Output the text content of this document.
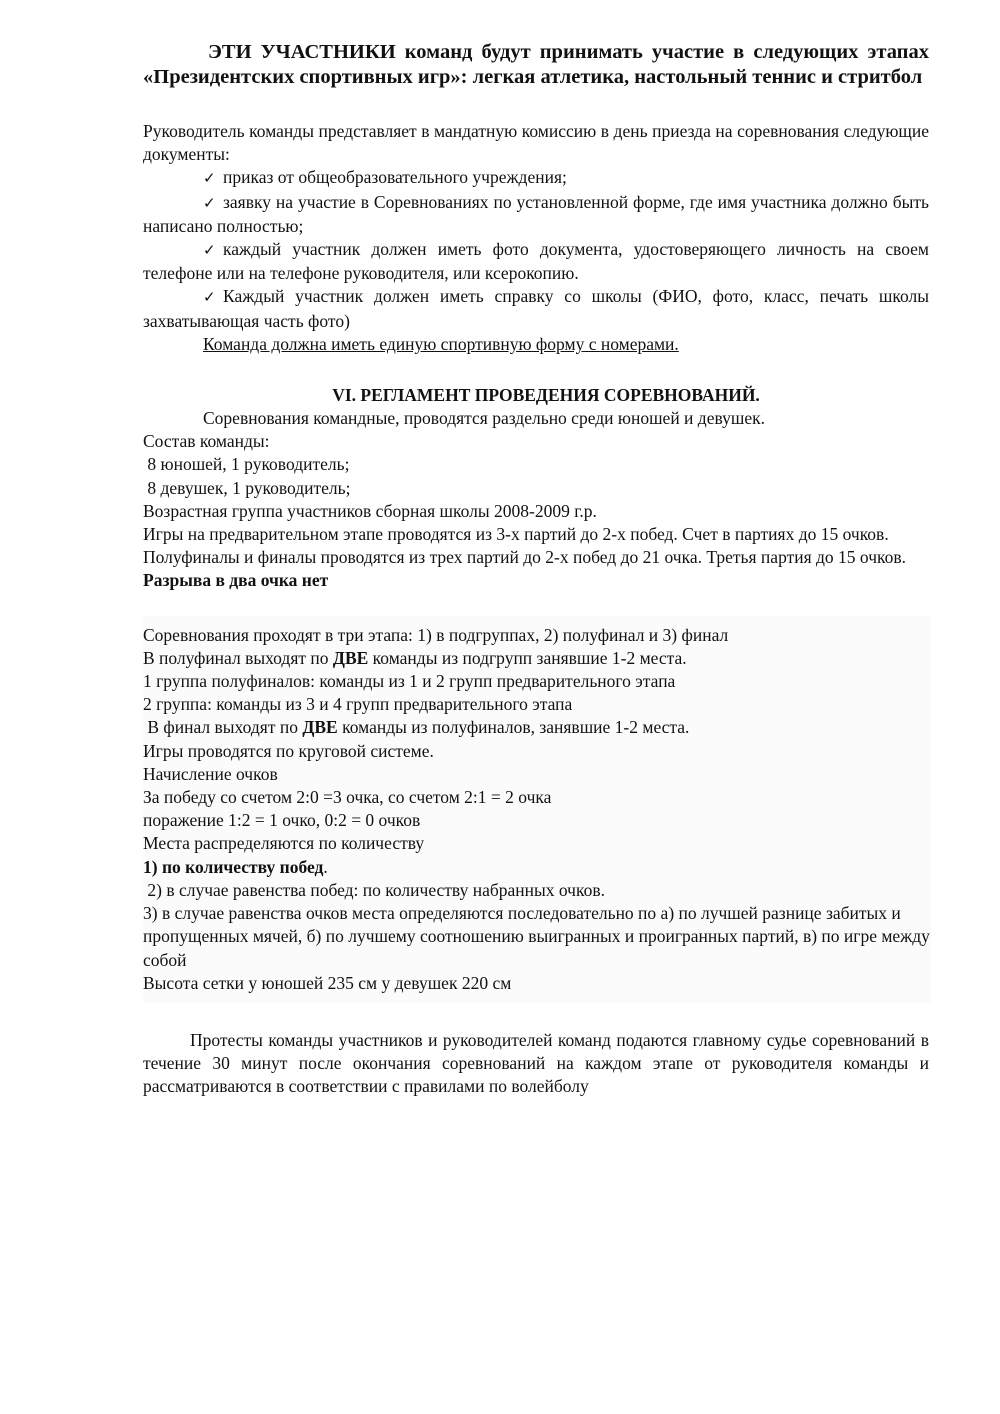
ЭТИ УЧАСТНИКИ команд будут принимать участие в следующих этапах «Президентских спортивных игр»: легкая атлетика, настольный теннис и стритбол

Руководитель команды представляет в мандатную комиссию в день приезда на соревнования следующие документы:

✓ приказ от общеобразовательного учреждения;

✓ заявку на участие в Соревнованиях по установленной форме, где имя участника должно быть написано полностью;

✓ каждый участник должен иметь фото документа, удостоверяющего личность на своем телефоне или на телефоне руководителя, или ксерокопию.

✓ Каждый участник должен иметь справку со школы (ФИО, фото, класс, печать школы захватывающая часть фото)

Команда должна иметь единую спортивную форму с номерами.

VI. РЕГЛАМЕНТ ПРОВЕДЕНИЯ СОРЕВНОВАНИЙ.

Соревнования командные, проводятся раздельно среди юношей и девушек.

Состав команды:

8 юношей, 1 руководитель;

8 девушек, 1 руководитель;

Возрастная группа участников сборная школы 2008-2009 г.р.

Игры на предварительном этапе проводятся из 3-х партий до 2-х побед. Счет в партиях до 15 очков.

Полуфиналы и финалы проводятся из трех партий до 2-х побед до 21 очка. Третья партия до 15 очков.

Разрыва в два очка нет

Соревнования проходят в три этапа: 1) в подгруппах, 2) полуфинал и 3) финал

В полуфинал выходят по ДВЕ команды из подгрупп занявшие 1-2 места.

1 группа полуфиналов: команды из 1 и 2 групп предварительного этапа

2 группа: команды из 3 и 4 групп предварительного этапа

В финал выходят по ДВЕ команды из полуфиналов, занявшие 1-2 места.

Игры проводятся по круговой системе.

Начисление очков

За победу со счетом 2:0 =3 очка, со счетом 2:1 = 2 очка

поражение 1:2 = 1 очко, 0:2 = 0 очков

Места распределяются по количеству

1) по количеству побед.

2) в случае равенства побед: по количеству набранных очков.

3) в случае равенства очков места определяются последовательно по а) по лучшей разнице забитых и пропущенных мячей, б) по лучшему соотношению выигранных и проигранных партий, в) по игре между собой

Высота сетки у юношей 235 см у девушек 220 см

Протесты команды участников и руководителей команд подаются главному судье соревнований в течение 30 минут после окончания соревнований на каждом этапе от руководителя команды и рассматриваются в соответствии с правилами по волейболу
